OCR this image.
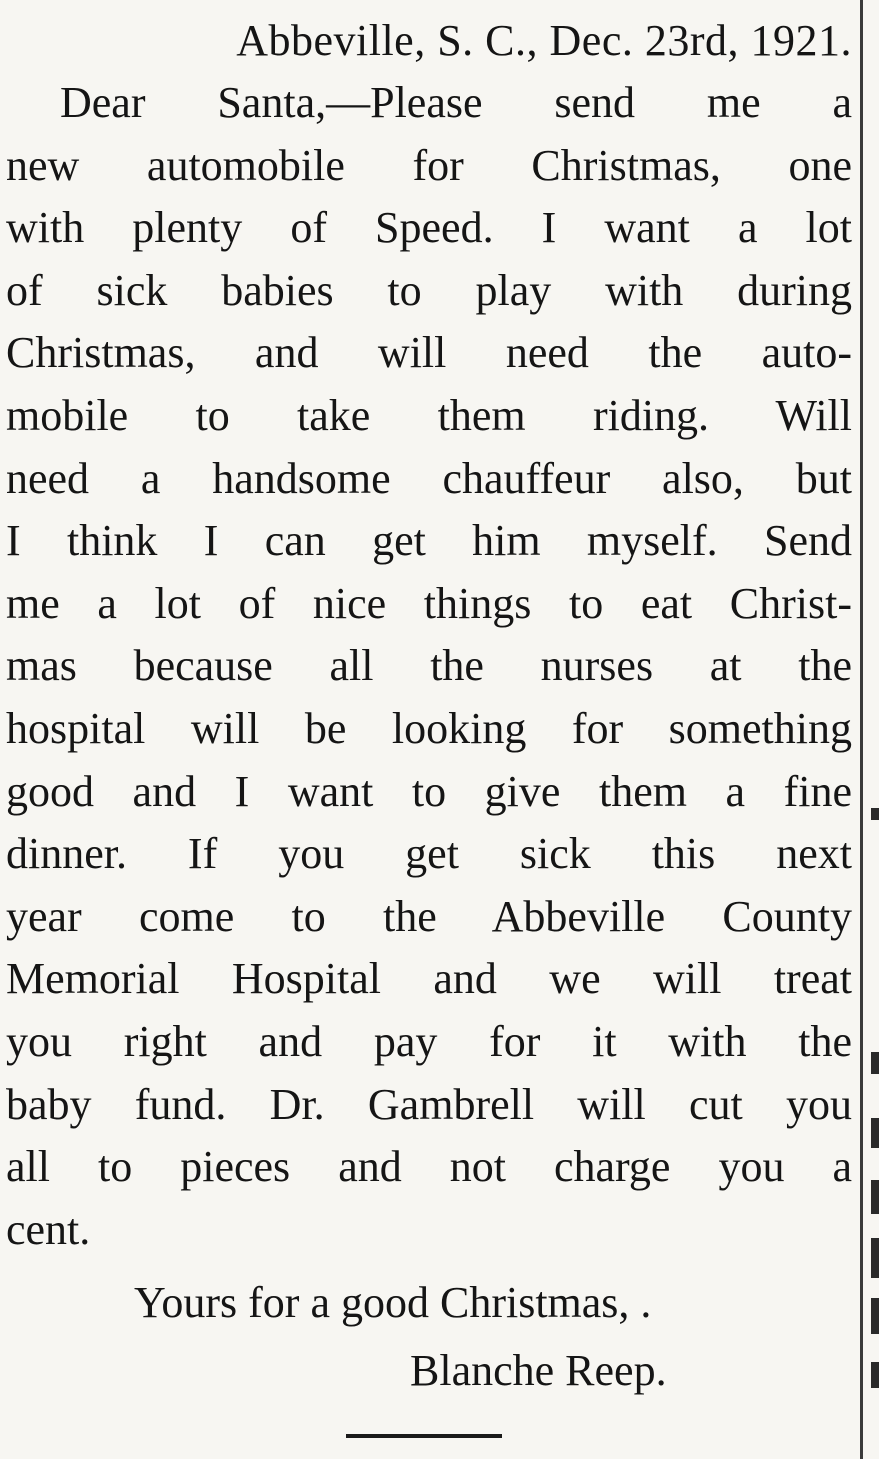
Abbeville, S. C., Dec. 23rd, 1921.
Dear Santa,—Please send me a
new automobile for Christmas, one
with plenty of Speed. I want a lot
of sick babies to play with during
Christmas, and will need the auto-
mobile to take them riding. Will
need a handsome chauffeur also, but
I think I can get him myself. Send
me a lot of nice things to eat Christ-
mas because all the nurses at the
hospital will be looking for something
good and I want to give them a fine
dinner. If you get sick this next
year come to the Abbeville County
Memorial Hospital and we will treat
you right and pay for it with the
baby fund. Dr. Gambrell will cut you
all to pieces and not charge you a
cent.
Yours for a good Christmas, .
Blanche Reep.
